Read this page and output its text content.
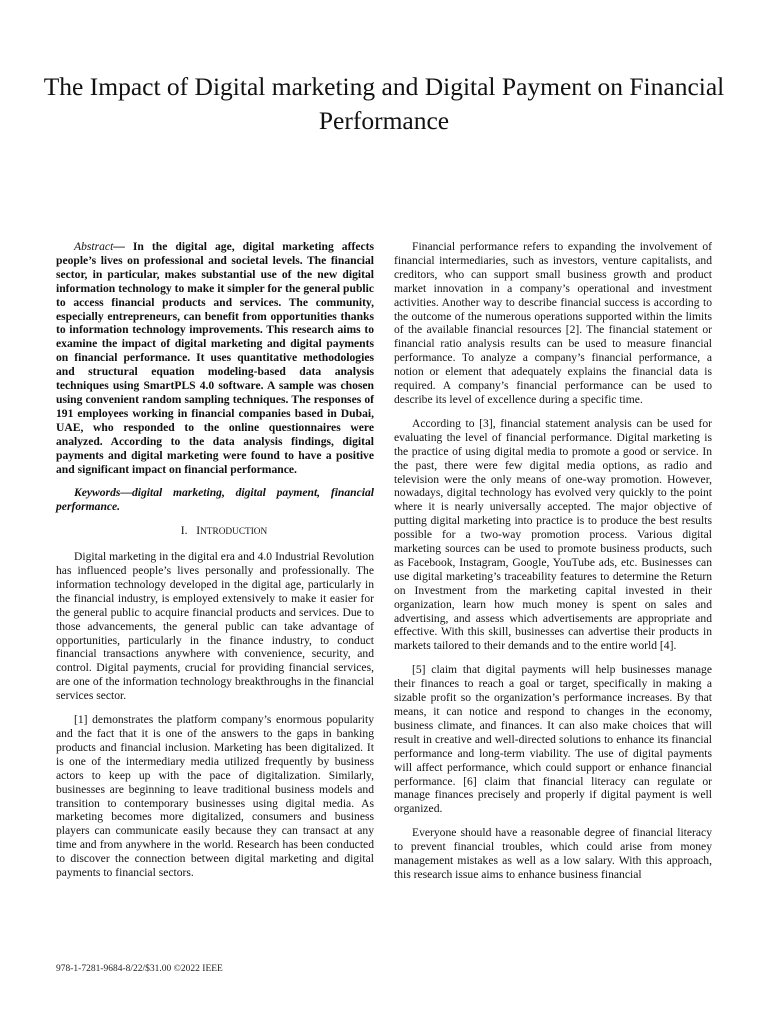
The Impact of Digital marketing and Digital Payment on Financial Performance

Abstract— In the digital age, digital marketing affects people’s lives on professional and societal levels. The financial sector, in particular, makes substantial use of the new digital information technology to make it simpler for the general public to access financial products and services. The community, especially entrepreneurs, can benefit from opportunities thanks to information technology improvements. This research aims to examine the impact of digital marketing and digital payments on financial performance. It uses quantitative methodologies and structural equation modeling-based data analysis techniques using SmartPLS 4.0 software. A sample was chosen using convenient random sampling techniques. The responses of 191 employees working in financial companies based in Dubai, UAE, who responded to the online questionnaires were analyzed. According to the data analysis findings, digital payments and digital marketing were found to have a positive and significant impact on financial performance.

Keywords—digital marketing, digital payment, financial performance.

I. INTRODUCTION

Digital marketing in the digital era and 4.0 Industrial Revolution has influenced people’s lives personally and professionally. The information technology developed in the digital age, particularly in the financial industry, is employed extensively to make it easier for the general public to acquire financial products and services. Due to those advancements, the general public can take advantage of opportunities, particularly in the finance industry, to conduct financial transactions anywhere with convenience, security, and control. Digital payments, crucial for providing financial services, are one of the information technology breakthroughs in the financial services sector.

[1] demonstrates the platform company’s enormous popularity and the fact that it is one of the answers to the gaps in banking products and financial inclusion. Marketing has been digitalized. It is one of the intermediary media utilized frequently by business actors to keep up with the pace of digitalization. Similarly, businesses are beginning to leave traditional business models and transition to contemporary businesses using digital media. As marketing becomes more digitalized, consumers and business players can communicate easily because they can transact at any time and from anywhere in the world. Research has been conducted to discover the connection between digital marketing and digital payments to financial sectors.

Financial performance refers to expanding the involvement of financial intermediaries, such as investors, venture capitalists, and creditors, who can support small business growth and product market innovation in a company’s operational and investment activities. Another way to describe financial success is according to the outcome of the numerous operations supported within the limits of the available financial resources [2]. The financial statement or financial ratio analysis results can be used to measure financial performance. To analyze a company’s financial performance, a notion or element that adequately explains the financial data is required. A company’s financial performance can be used to describe its level of excellence during a specific time.

According to [3], financial statement analysis can be used for evaluating the level of financial performance. Digital marketing is the practice of using digital media to promote a good or service. In the past, there were few digital media options, as radio and television were the only means of one-way promotion. However, nowadays, digital technology has evolved very quickly to the point where it is nearly universally accepted. The major objective of putting digital marketing into practice is to produce the best results possible for a two-way promotion process. Various digital marketing sources can be used to promote business products, such as Facebook, Instagram, Google, YouTube ads, etc. Businesses can use digital marketing’s traceability features to determine the Return on Investment from the marketing capital invested in their organization, learn how much money is spent on sales and advertising, and assess which advertisements are appropriate and effective. With this skill, businesses can advertise their products in markets tailored to their demands and to the entire world [4].

[5] claim that digital payments will help businesses manage their finances to reach a goal or target, specifically in making a sizable profit so the organization’s performance increases. By that means, it can notice and respond to changes in the economy, business climate, and finances. It can also make choices that will result in creative and well-directed solutions to enhance its financial performance and long-term viability. The use of digital payments will affect performance, which could support or enhance financial performance. [6] claim that financial literacy can regulate or manage finances precisely and properly if digital payment is well organized.

Everyone should have a reasonable degree of financial literacy to prevent financial troubles, which could arise from money management mistakes as well as a low salary. With this approach, this research issue aims to enhance business financial

978-1-7281-9684-8/22/$31.00 ©2022 IEEE
